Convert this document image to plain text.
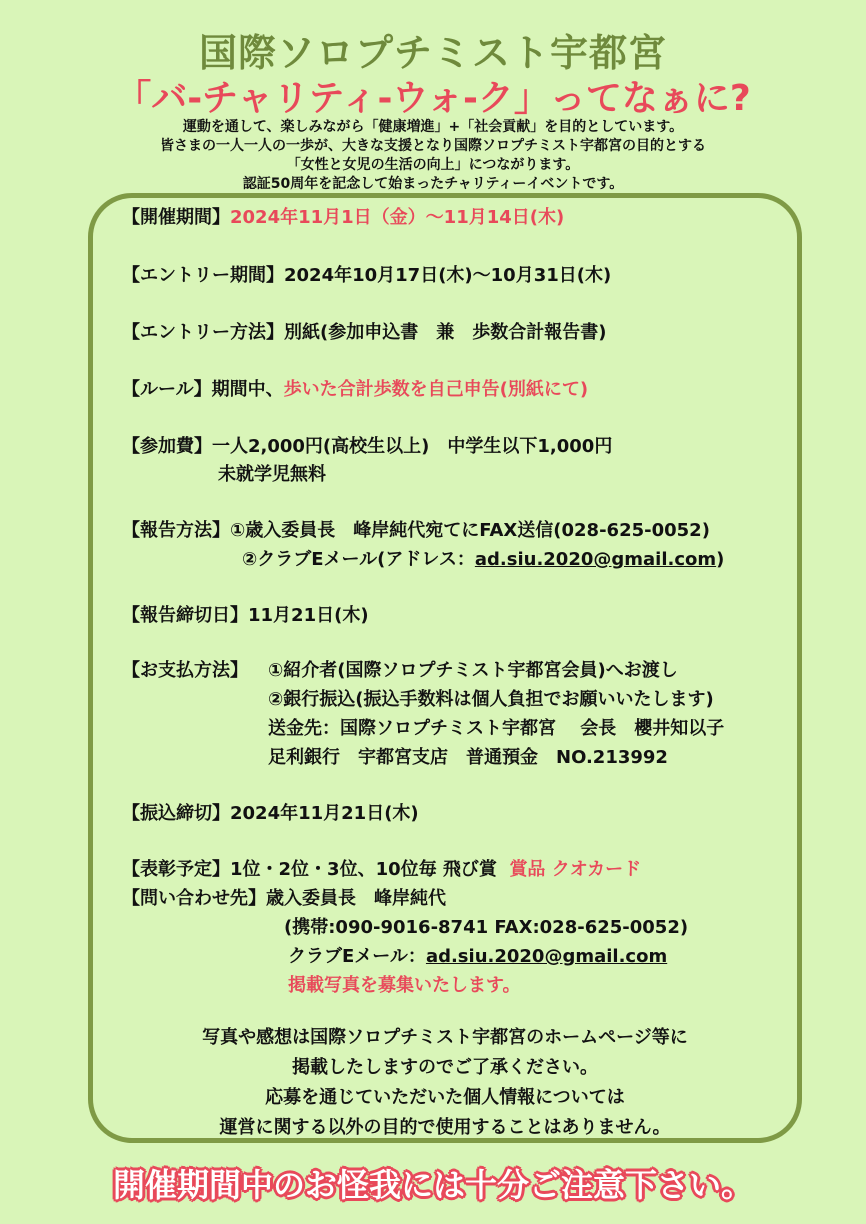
国際ソロプチミスト宇都宮
「バ-チャリティ-ウォ-ク」ってなぁに?
運動を通して、楽しみながら「健康増進」+「社会貢献」を目的としています。
皆さまの一人一人の一歩が、大きな支援となり国際ソロプチミスト宇都宮の目的とする
「女性と女児の生活の向上」につながります。
認証50周年を記念して始まったチャリティーイベントです。
【開催期間】2024年11月1日（金）～11月14日(木)
【エントリー期間】2024年10月17日(木)～10月31日(木)
【エントリー方法】別紙(参加申込書　兼　歩数合計報告書)
【ルール】期間中、歩いた合計歩数を自己申告(別紙にて)
【参加費】一人2,000円(高校生以上)　中学生以下1,000円
未就学児無料
【報告方法】①歳入委員長　峰岸純代宛てにFAX送信(028-625-0052)
②クラブEメール(アドレス：ad.siu.2020@gmail.com)
【報告締切日】11月21日(木)
【お支払方法】 ①紹介者(国際ソロプチミスト宇都宮会員)へお渡し
②銀行振込(振込手数料は個人負担でお願いいたします)
送金先：国際ソロプチミスト宇都宮　 会長　櫻井知以子
足利銀行　宇都宮支店　普通預金　NO.213992
【振込締切】2024年11月21日(木)
【表彰予定】1位・2位・3位、10位毎 飛び賞 賞品 クオカード
【問い合わせ先】歳入委員長　峰岸純代
(携帯:090-9016-8741 FAX:028-625-0052)
クラブEメール：ad.siu.2020@gmail.com
掲載写真を募集いたします。
写真や感想は国際ソロプチミスト宇都宮のホームページ等に
掲載したしますのでご了承ください。
応募を通じていただいた個人情報については
運営に関する以外の目的で使用することはありません。
開催期間中のお怪我には十分ご注意下さい。
